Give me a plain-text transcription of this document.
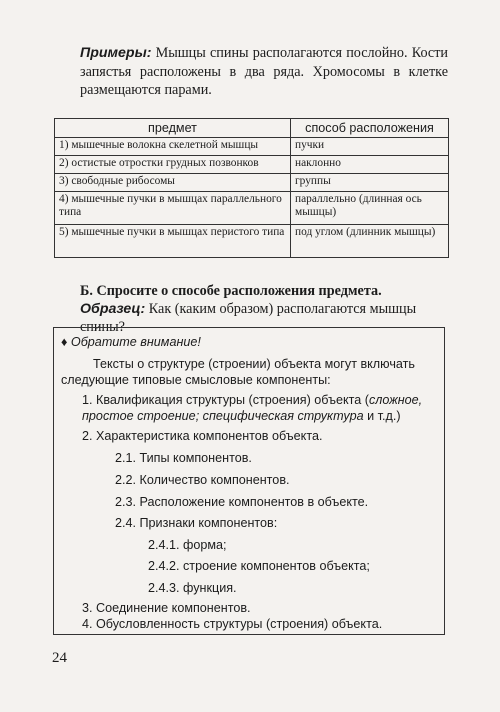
Примеры: Мышцы спины располагаются послойно. Кости запястья расположены в два ряда. Хромосомы в клетке размещаются парами.
предмет	способ расположения
1) мышечные волокна скелетной мышцы	пучки
2) остистые отростки грудных позвонков	наклонно
3) свободные рибосомы	группы
4) мышечные пучки в мышцах параллельного типа	параллельно (длинная ось мышцы)
5) мышечные пучки в мышцах перистого типа	под углом (длинник мышцы)
Б. Спросите о способе расположения предмета.
Образец: Как (каким образом) располагаются мышцы спины?
♦ Обратите внимание!
Тексты о структуре (строении) объекта могут включать
следующие типовые смысловые компоненты:
1. Квалификация структуры (строения) объекта (сложное,
простое строение; специфическая структура и т.д.)
2. Характеристика компонентов объекта.
2.1. Типы компонентов.
2.2. Количество компонентов.
2.3. Расположение компонентов в объекте.
2.4. Признаки компонентов:
2.4.1. форма;
2.4.2. строение компонентов объекта;
2.4.3. функция.
3. Соединение компонентов.
4. Обусловленность структуры (строения) объекта.
24
